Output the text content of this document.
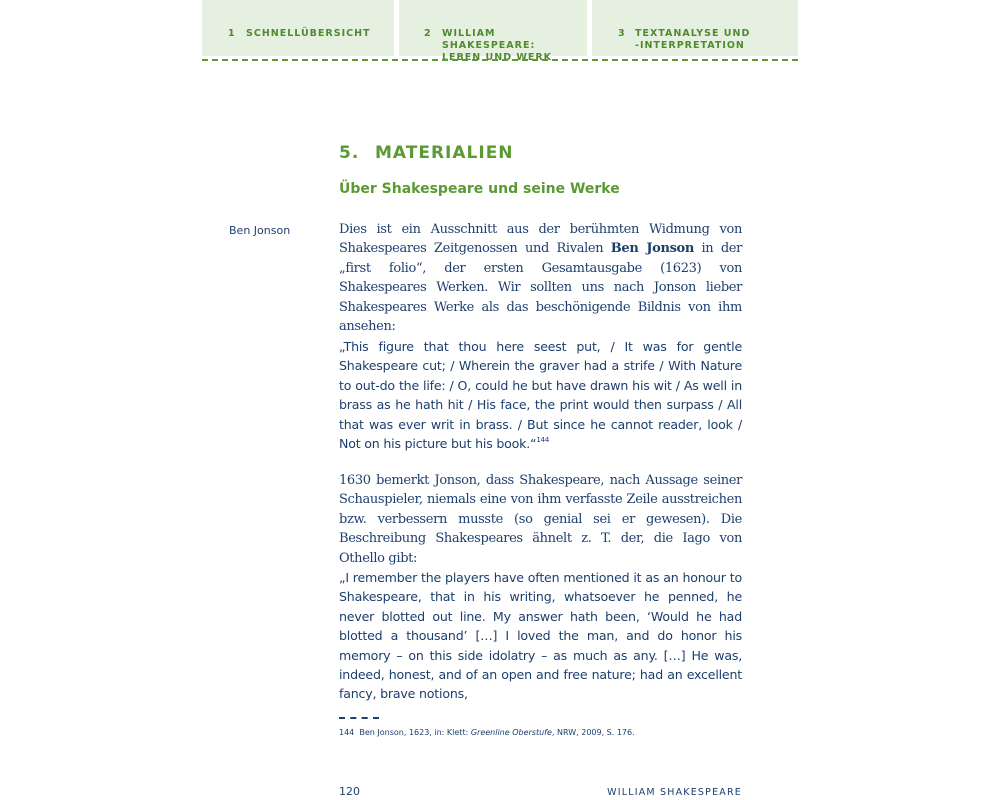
1 SCHNELLÜBERSICHT	2 WILLIAM SHAKESPEARE:
LEBEN UND WERK
3 TEXTANALYSE UND
-INTERPRETATION
5. MATERIALIEN
Über Shakespeare und seine Werke
Ben Jonson	Dies ist ein Ausschnitt aus der berühmten Widmung von Shakespeares Zeitgenossen und Rivalen Ben Jonson in der „first folio“, der ersten Gesamtausgabe (1623) von Shakespeares Werken. Wir sollten uns nach Jonson lieber Shakespeares Werke als das beschönigende Bildnis von ihm ansehen:

„This figure that thou here seest put, / It was for gentle Shakespeare cut; / Wherein the graver had a strife / With Nature to out-do the life: / O, could he but have drawn his wit / As well in brass as he hath hit / His face, the print would then surpass / All that was ever writ in brass. / But since he cannot reader, look / Not on his picture but his book.“$^{144}$

1630 bemerkt Jonson, dass Shakespeare, nach Aussage seiner Schauspieler, niemals eine von ihm verfasste Zeile ausstreichen bzw. verbessern musste (so genial sei er gewesen). Die Beschreibung Shakespeares ähnelt z. T. der, die Iago von Othello gibt:

„I remember the players have often mentioned it as an honour to Shakespeare, that in his writing, whatsoever he penned, he never blotted out line. My answer hath been, ‘Would he had blotted a thousand’ […] I loved the man, and do honor his memory – on this side idolatry – as much as any. […] He was, indeed, honest, and of an open and free nature; had an excellent fancy, brave notions,

144 Ben Jonson, 1623, in: Klett: Greenline Oberstufe, NRW, 2009, S. 176.
120	WILLIAM SHAKESPEARE
